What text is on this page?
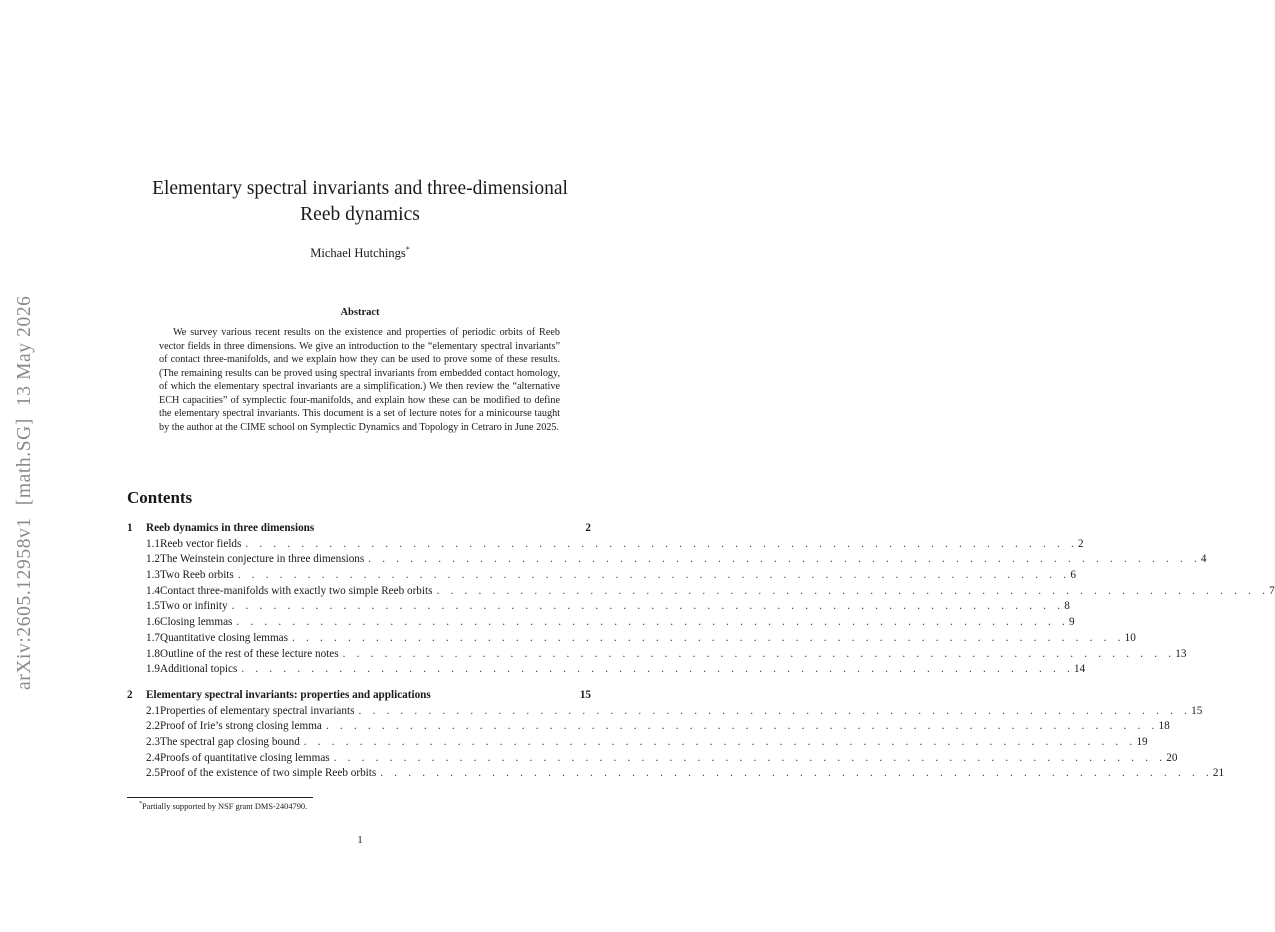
arXiv:2605.12958v1[math.SG]13 May 2026
Elementary spectral invariants and three-dimensional
Reeb dynamics
Michael Hutchings*
Abstract

We survey various recent results on the existence and properties of periodic orbits of Reeb vector fields in three dimensions. We give an introduction to the “elementary spectral invariants” of contact three-manifolds, and we explain how they can be used to prove some of these results. (The remaining results can be proved using spectral invariants from embedded contact homology, of which the elementary spectral invariants are a simplification.) We then review the “alternative ECH capacities” of symplectic four-manifolds, and explain how these can be modified to define the elementary spectral invariants. This document is a set of lecture notes for a minicourse taught by the author at the CIME school on Symplectic Dynamics and Topology in Cetraro in June 2025.

Contents
1	Reeb dynamics in three dimensions	2
1.1 Reeb vector fields . . . . . . . . . . . . . . . . . . . . . . . . . . . . . . . . . . . . . . . . . . . . . . . . . . . . . . . . . . . . 2
1.2 The Weinstein conjecture in three dimensions . . . . . . . . . . . . . . . . . . . . . . . . . . . . . . . . . . . . . . . . . . . . . . . . . . . . . . . . . . . . 4
1.3 Two Reeb orbits . . . . . . . . . . . . . . . . . . . . . . . . . . . . . . . . . . . . . . . . . . . . . . . . . . . . . . . . . . . . 6
1.4 Contact three-manifolds with exactly two simple Reeb orbits . . . . . . . . . . . . . . . . . . . . . . . . . . . . . . . . . . . . . . . . . . . . . . . . . . . . . . . . . . . . 7
1.5 Two or infinity . . . . . . . . . . . . . . . . . . . . . . . . . . . . . . . . . . . . . . . . . . . . . . . . . . . . . . . . . . . . 8
1.6 Closing lemmas . . . . . . . . . . . . . . . . . . . . . . . . . . . . . . . . . . . . . . . . . . . . . . . . . . . . . . . . . . . . 9
1.7 Quantitative closing lemmas . . . . . . . . . . . . . . . . . . . . . . . . . . . . . . . . . . . . . . . . . . . . . . . . . . . . . . . . . . . . 10
1.8 Outline of the rest of these lecture notes . . . . . . . . . . . . . . . . . . . . . . . . . . . . . . . . . . . . . . . . . . . . . . . . . . . . . . . . . . . . 13
1.9 Additional topics . . . . . . . . . . . . . . . . . . . . . . . . . . . . . . . . . . . . . . . . . . . . . . . . . . . . . . . . . . . . 14
2	Elementary spectral invariants: properties and applications	15
2.1 Properties of elementary spectral invariants . . . . . . . . . . . . . . . . . . . . . . . . . . . . . . . . . . . . . . . . . . . . . . . . . . . . . . . . . . . . 15
2.2 Proof of Irie’s strong closing lemma . . . . . . . . . . . . . . . . . . . . . . . . . . . . . . . . . . . . . . . . . . . . . . . . . . . . . . . . . . . . 18
2.3 The spectral gap closing bound . . . . . . . . . . . . . . . . . . . . . . . . . . . . . . . . . . . . . . . . . . . . . . . . . . . . . . . . . . . . 19
2.4 Proofs of quantitative closing lemmas . . . . . . . . . . . . . . . . . . . . . . . . . . . . . . . . . . . . . . . . . . . . . . . . . . . . . . . . . . . . 20
2.5 Proof of the existence of two simple Reeb orbits . . . . . . . . . . . . . . . . . . . . . . . . . . . . . . . . . . . . . . . . . . . . . . . . . . . . . . . . . . . . 21
*Partially supported by NSF grant DMS-2404790.
1
